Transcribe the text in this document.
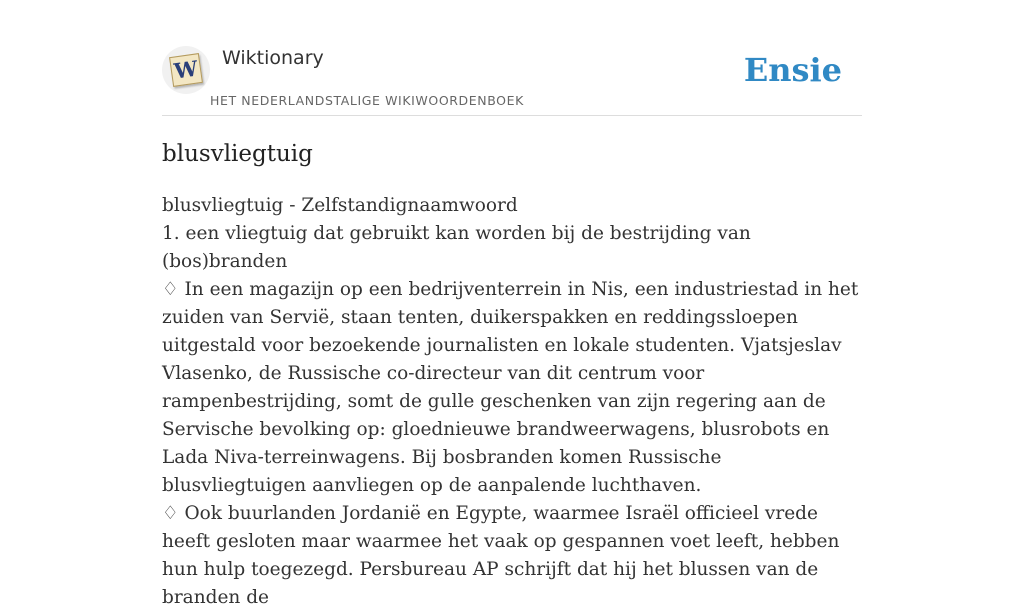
W Wiktionary
HET NEDERLANDSTALIGE WIKIWOORDENBOEK
Ensie
blusvliegtuig

blusvliegtuig - Zelfstandignaamwoord

1. een vliegtuig dat gebruikt kan worden bij de bestrijding van (bos)branden

♢ In een magazijn op een bedrijventerrein in Nis, een industriestad in het zuiden van Servië, staan tenten, duikerspakken en reddingssloepen uitgestald voor bezoekende journalisten en lokale studenten. Vjatsjeslav Vlasenko, de Russische co-directeur van dit centrum voor rampenbestrijding, somt de gulle geschenken van zijn regering aan de Servische bevolking op: gloednieuwe brandweerwagens, blusrobots en Lada Niva-terreinwagens. Bij bosbranden komen Russische blusvliegtuigen aanvliegen op de aanpalende luchthaven.

♢ Ook buurlanden Jordanië en Egypte, waarmee Israël officieel vrede heeft gesloten maar waarmee het vaak op gespannen voet leeft, hebben hun hulp toegezegd. Persbureau AP schrijft dat hij het blussen van de branden de
